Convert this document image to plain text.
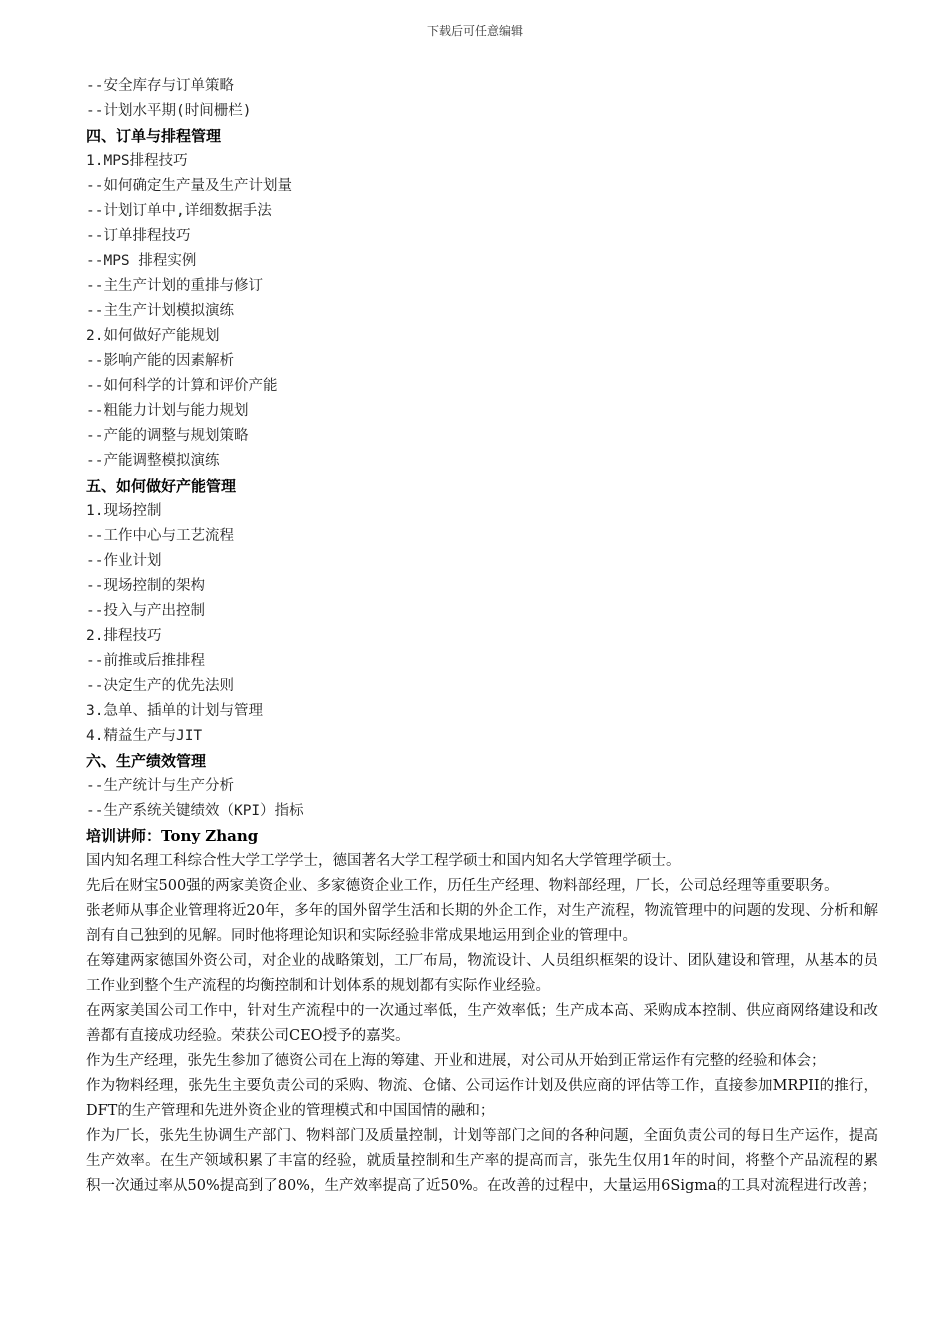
下载后可任意编辑
--安全库存与订单策略
--计划水平期(时间栅栏)
四、订单与排程管理
1.MPS排程技巧
--如何确定生产量及生产计划量
--计划订单中,详细数据手法
--订单排程技巧
--MPS 排程实例
--主生产计划的重排与修订
--主生产计划模拟演练
2.如何做好产能规划
--影响产能的因素解析
--如何科学的计算和评价产能
--粗能力计划与能力规划
--产能的调整与规划策略
--产能调整模拟演练
五、如何做好产能管理
1.现场控制
--工作中心与工艺流程
--作业计划
--现场控制的架构
--投入与产出控制
2.排程技巧
--前推或后推排程
--决定生产的优先法则
3.急单、插单的计划与管理
4.精益生产与JIT
六、生产绩效管理
--生产统计与生产分析
--生产系统关键绩效（KPI）指标
培训讲师：Tony Zhang
国内知名理工科综合性大学工学学士，德国著名大学工程学硕士和国内知名大学管理学硕士。
先后在财宝500强的两家美资企业、多家德资企业工作，历任生产经理、物料部经理，厂长，公司总经理等重要职务。
张老师从事企业管理将近20年，多年的国外留学生活和长期的外企工作，对生产流程，物流管理中的问题的发现、分析和解剖有自己独到的见解。同时他将理论知识和实际经验非常成果地运用到企业的管理中。
在筹建两家德国外资公司，对企业的战略策划，工厂布局，物流设计、人员组织框架的设计、团队建设和管理，从基本的员工作业到整个生产流程的均衡控制和计划体系的规划都有实际作业经验。
在两家美国公司工作中，针对生产流程中的一次通过率低，生产效率低；生产成本高、采购成本控制、供应商网络建设和改善都有直接成功经验。荣获公司CEO授予的嘉奖。
作为生产经理，张先生参加了德资公司在上海的筹建、开业和进展，对公司从开始到正常运作有完整的经验和体会；
作为物料经理，张先生主要负责公司的采购、物流、仓储、公司运作计划及供应商的评估等工作，直接参加MRPII的推行，DFT的生产管理和先进外资企业的管理模式和中国国情的融和；
作为厂长，张先生协调生产部门、物料部门及质量控制，计划等部门之间的各种问题，全面负责公司的每日生产运作，提高生产效率。在生产领域积累了丰富的经验，就质量控制和生产率的提高而言，张先生仅用1年的时间，将整个产品流程的累积一次通过率从50%提高到了80%，生产效率提高了近50%。在改善的过程中，大量运用6Sigma的工具对流程进行改善；
